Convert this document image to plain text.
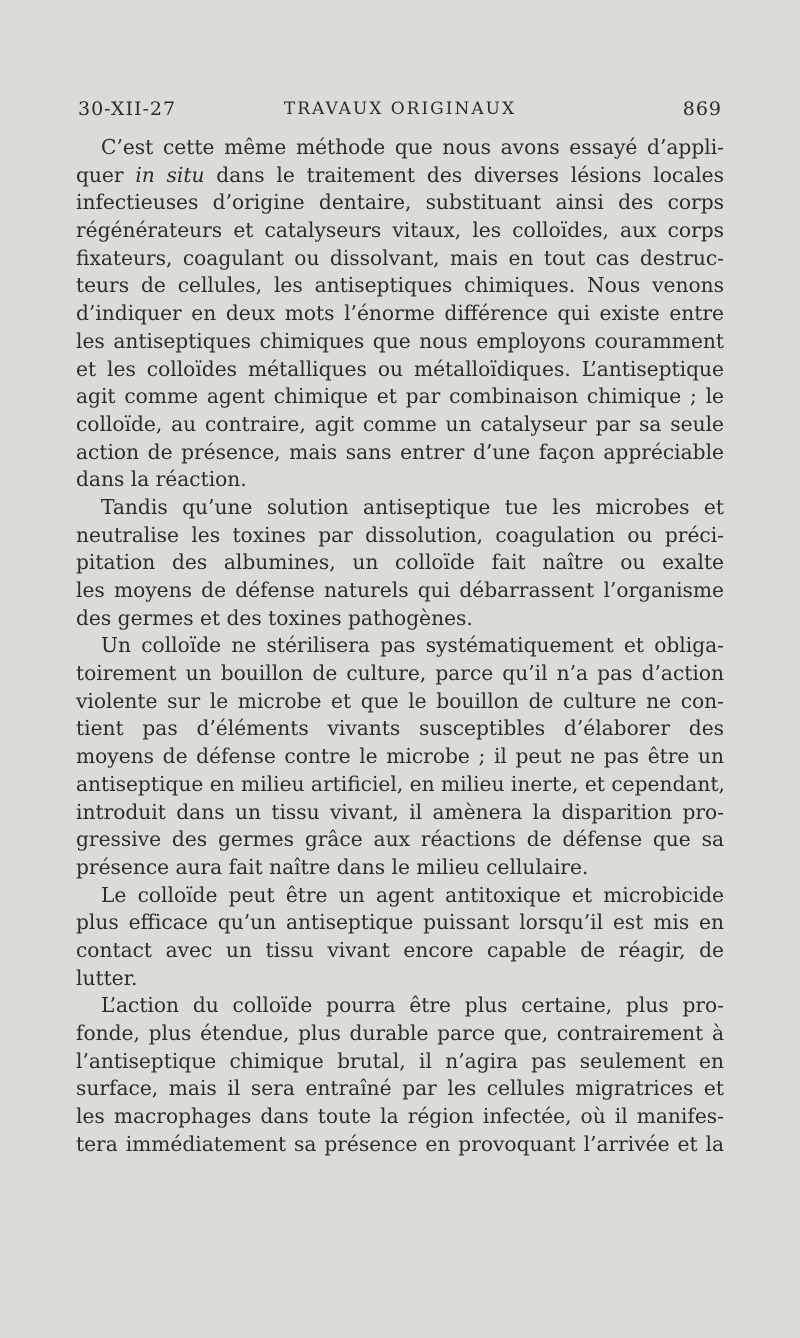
30-XII-27	TRAVAUX ORIGINAUX	869
C’est cette même méthode que nous avons essayé d’appli-
quer in situ dans le traitement des diverses lésions locales
infectieuses d’origine dentaire, substituant ainsi des corps
régénérateurs et catalyseurs vitaux, les colloïdes, aux corps
fixateurs, coagulant ou dissolvant, mais en tout cas destruc-
teurs de cellules, les antiseptiques chimiques. Nous venons
d’indiquer en deux mots l’énorme différence qui existe entre
les antiseptiques chimiques que nous employons couramment
et les colloïdes métalliques ou métalloïdiques. L’antiseptique
agit comme agent chimique et par combinaison chimique ; le
colloïde, au contraire, agit comme un catalyseur par sa seule
action de présence, mais sans entrer d’une façon appréciable
dans la réaction.
Tandis qu’une solution antiseptique tue les microbes et
neutralise les toxines par dissolution, coagulation ou préci-
pitation des albumines, un colloïde fait naître ou exalte
les moyens de défense naturels qui débarrassent l’organisme
des germes et des toxines pathogènes.
Un colloïde ne stérilisera pas systématiquement et obliga-
toirement un bouillon de culture, parce qu’il n’a pas d’action
violente sur le microbe et que le bouillon de culture ne con-
tient pas d’éléments vivants susceptibles d’élaborer des
moyens de défense contre le microbe ; il peut ne pas être un
antiseptique en milieu artificiel, en milieu inerte, et cependant,
introduit dans un tissu vivant, il amènera la disparition pro-
gressive des germes grâce aux réactions de défense que sa
présence aura fait naître dans le milieu cellulaire.
Le colloïde peut être un agent antitoxique et microbicide
plus efficace qu’un antiseptique puissant lorsqu’il est mis en
contact avec un tissu vivant encore capable de réagir, de
lutter.
L’action du colloïde pourra être plus certaine, plus pro-
fonde, plus étendue, plus durable parce que, contrairement à
l’antiseptique chimique brutal, il n’agira pas seulement en
surface, mais il sera entraîné par les cellules migratrices et
les macrophages dans toute la région infectée, où il manifes-
tera immédiatement sa présence en provoquant l’arrivée et la
